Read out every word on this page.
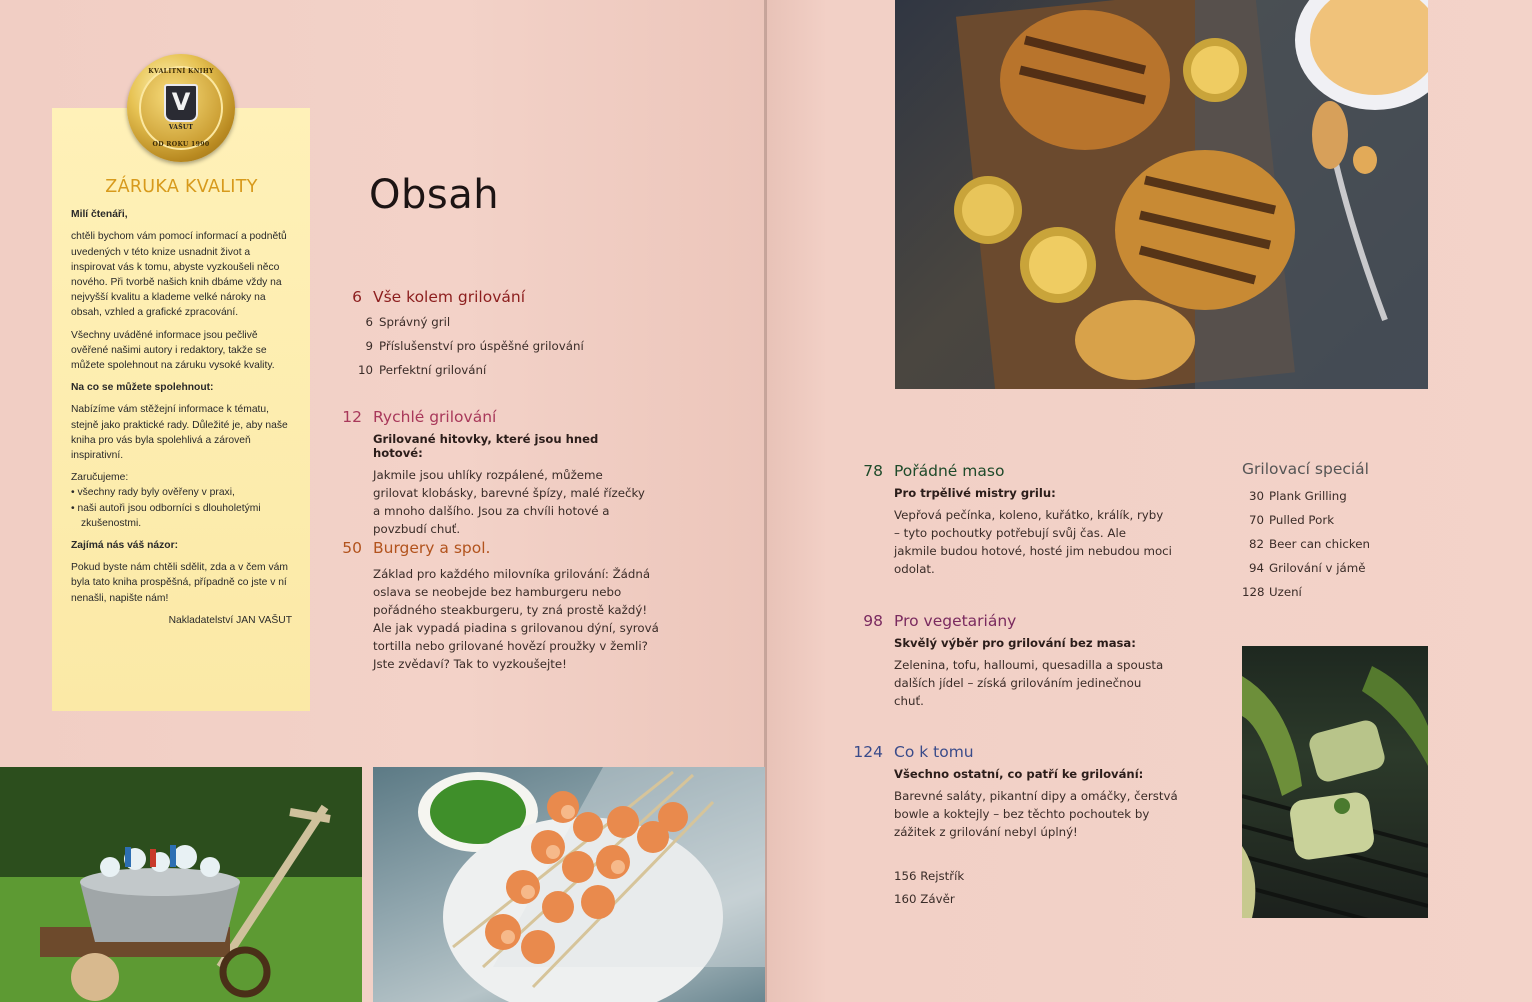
ZÁRUKA KVALITY

Milí čtenáři,

chtěli bychom vám pomocí informací a podnětů uvedených v této knize usnadnit život a inspirovat vás k tomu, abyste vyzkoušeli něco nového. Při tvorbě našich knih dbáme vždy na nejvyšší kvalitu a klademe velké nároky na obsah, vzhled a grafické zpracování.

Všechny uváděné informace jsou pečlivě ověřené našimi autory i redaktory, takže se můžete spolehnout na záruku vysoké kvality.

Na co se můžete spolehnout:

Nabízíme vám stěžejní informace k tématu, stejně jako praktické rady. Důležité je, aby naše kniha pro vás byla spolehlivá a zároveň inspirativní.

Zaručujeme:

• všechny rady byly ověřeny v praxi,
• naši autoři jsou odborníci s dlouholetými zkušenostmi.

Zajímá nás váš názor:

Pokud byste nám chtěli sdělit, zda a v čem vám byla tato kniha prospěšná, případně co jste v ní nenašli, napište nám!

Nakladatelství JAN VAŠUT

KVALITNÍ KNIHY
V
VAŠUT
OD ROKU 1990
Obsah
6 Vše kolem grilování
6 Správný gril
9 Příslušenství pro úspěšné grilování
10 Perfektní grilování
12 Rychlé grilování
Grilované hitovky, které jsou hned hotové:
Jakmile jsou uhlíky rozpálené, můžeme grilovat klobásky, barevné špízy, malé řízečky a mnoho dalšího. Jsou za chvíli hotové a povzbudí chuť.
50 Burgery a spol.
Základ pro každého milovníka grilování: Žádná oslava se neobejde bez hamburgeru nebo pořádného steakburgeru, ty zná prostě každý! Ale jak vypadá piadina s grilovanou dýní, syrová tortilla nebo grilované hovězí proužky v žemli? Jste zvědaví? Tak to vyzkoušejte!
78 Pořádné maso
Pro trpělivé mistry grilu:
Vepřová pečínka, koleno, kuřátko, králík, ryby – tyto pochoutky potřebují svůj čas. Ale jakmile budou hotové, hosté jim nebudou moci odolat.
98 Pro vegetariány
Skvělý výběr pro grilování bez masa:
Zelenina, tofu, halloumi, quesadilla a spousta dalších jídel – získá grilováním jedinečnou chuť.
124 Co k tomu
Všechno ostatní, co patří ke grilování:
Barevné saláty, pikantní dipy a omáčky, čerstvá bowle a koktejly – bez těchto pochoutek by zážitek z grilování nebyl úplný!
156 Rejstřík
160 Závěr
Grilovací speciál
30 Plank Grilling
70 Pulled Pork
82 Beer can chicken
94 Grilování v jámě
128 Uzení
